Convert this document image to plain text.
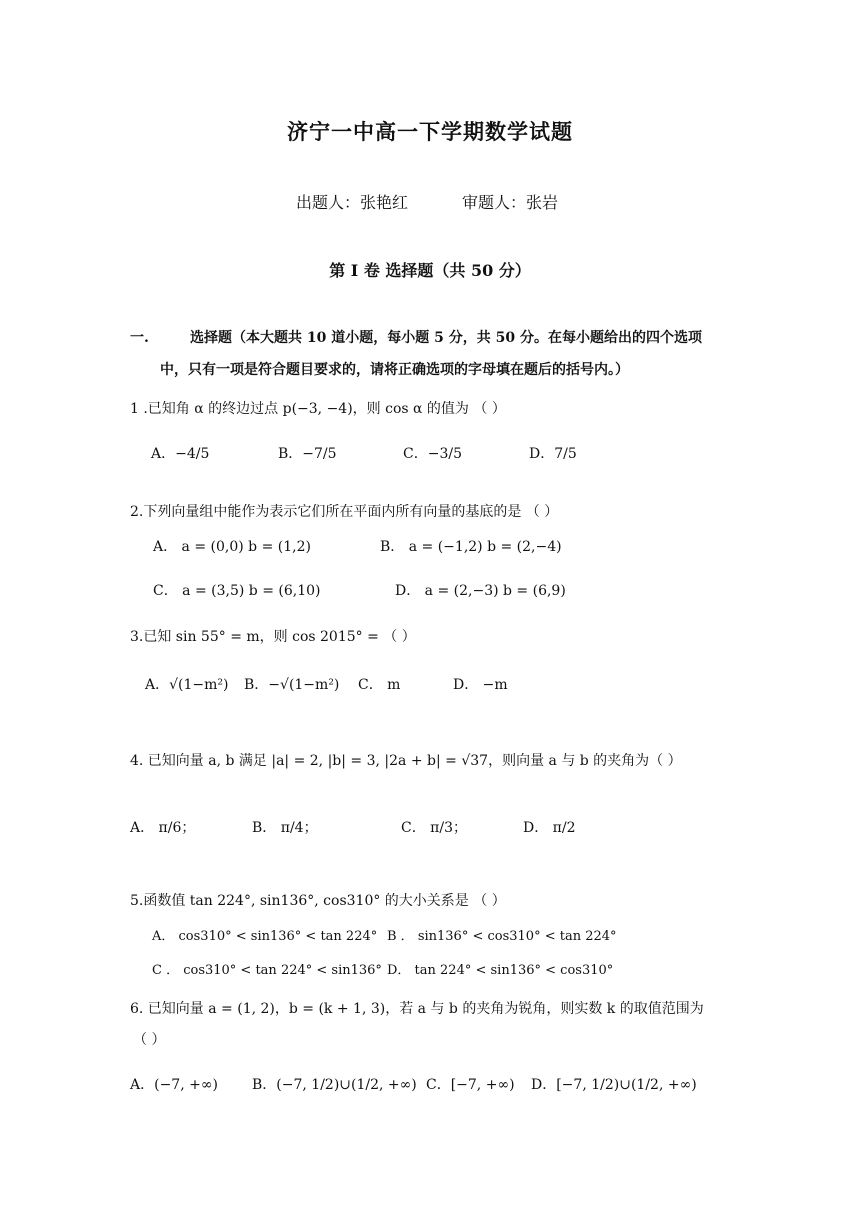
济宁一中高一下学期数学试题
出题人：张艳红	审题人：张岩
第 I 卷 选择题（共 50 分）
一.	选择题（本大题共 10 道小题，每小题 5 分，共 50 分。在每小题给出的四个选项
中，只有一项是符合题目要求的，请将正确选项的字母填在题后的括号内。）
1 .已知角 α 的终边过点 p(−3, −4)，则 cos α 的值为 （ ）
A．−4/5	B．−7/5	C．−3/5	D．7/5
2.下列向量组中能作为表示它们所在平面内所有向量的基底的是 （ ）
A． a = (0,0) b = (1,2)	B． a = (−1,2) b = (2,−4)
C． a = (3,5) b = (6,10)	D． a = (2,−3) b = (6,9)
3.已知 sin 55° = m，则 cos 2015° = （ ）
A．√(1−m²) B．−√(1−m²) C． m	D． −m
4. 已知向量 a, b 满足 |a| = 2, |b| = 3, |2a + b| = √37，则向量 a 与 b 的夹角为（ ）
A． π/6；	B． π/4；	C． π/3；	D． π/2
5.函数值 tan 224°, sin136°, cos310° 的大小关系是 （ ）
A． cos310° < sin136° < tan 224° B ． sin136° < cos310° < tan 224°
C ． cos310° < tan 224° < sin136° D． tan 224° < sin136° < cos310°
6. 已知向量 a = (1, 2)，b = (k + 1, 3)，若 a 与 b 的夹角为锐角，则实数 k 的取值范围为
（ ）
A．(−7, +∞) B．(−7, 1/2)∪(1/2, +∞) C．[−7, +∞) D．[−7, 1/2)∪(1/2, +∞)
